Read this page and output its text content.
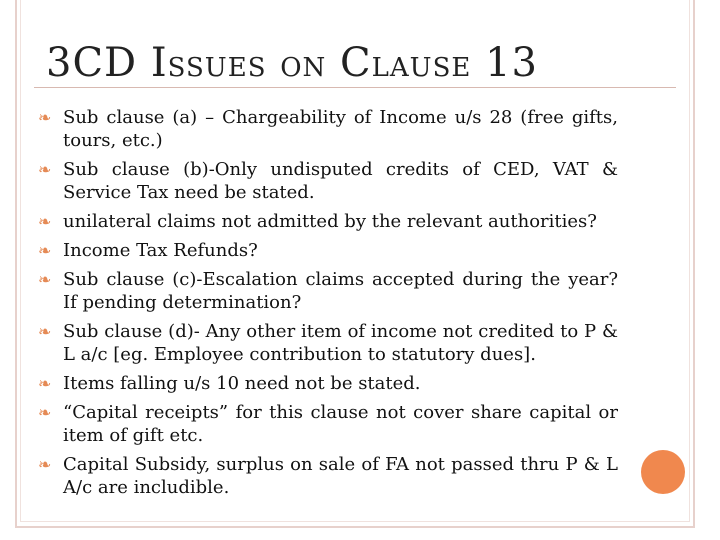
3CD ISSUES ON CLAUSE 13
❧ Sub clause (a) – Chargeability of Income u/s 28 (free gifts, tours, etc.)
❧ Sub clause (b)-Only undisputed credits of CED, VAT & Service Tax need be stated.
❧ unilateral claims not admitted by the relevant authorities?
❧ Income Tax Refunds?
❧ Sub clause (c)-Escalation claims accepted during the year? If pending determination?
❧ Sub clause (d)- Any other item of income not credited to P & L a/c [eg. Employee contribution to statutory dues].
❧ Items falling u/s 10 need not be stated.
❧ “Capital receipts” for this clause not cover share capital or item of gift etc.
❧ Capital Subsidy, surplus on sale of FA not passed thru P & L A/c are includible.
